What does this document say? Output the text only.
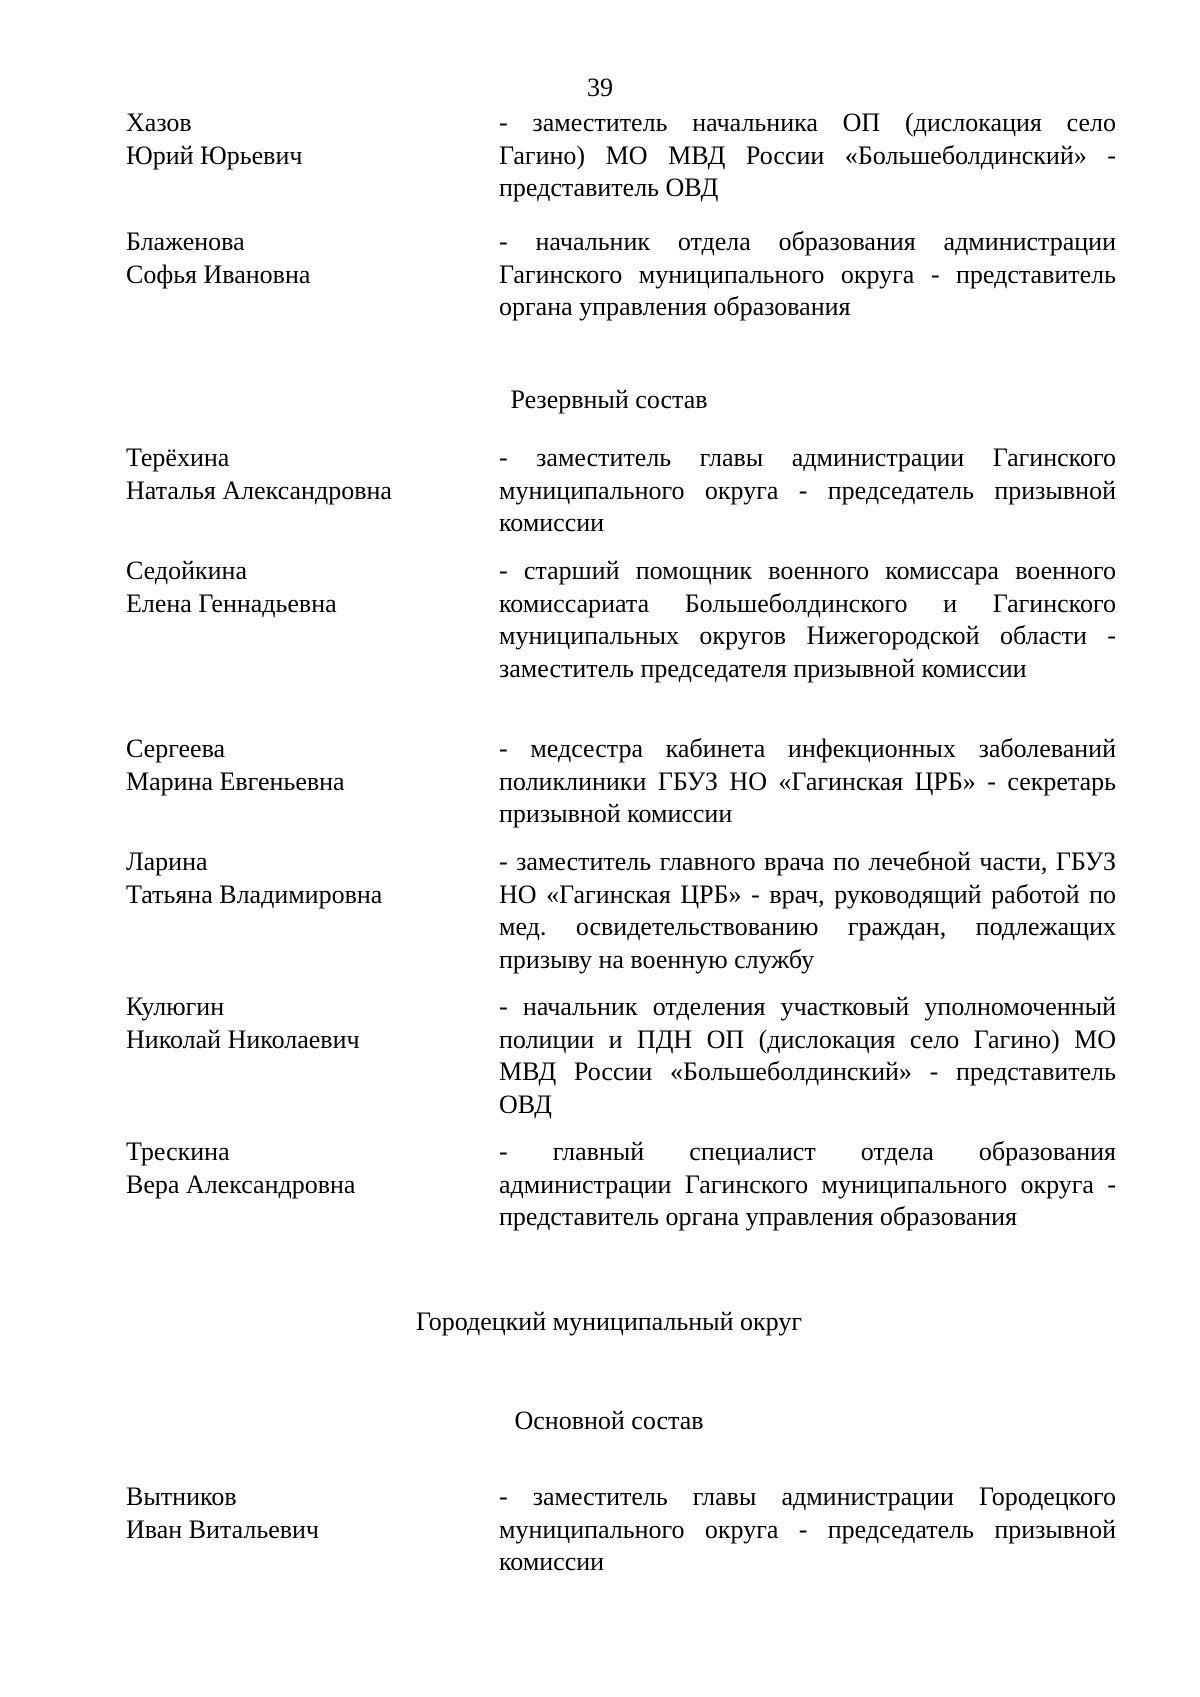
39
Хазов
Юрий Юрьевич
- заместитель начальника ОП (дислокация село Гагино) МО МВД России «Большеболдинский» - представитель ОВД
Блаженова
Софья Ивановна
- начальник отдела образования администрации Гагинского муниципального округа - представитель органа управления образования
Резервный состав
Терёхина
Наталья Александровна
- заместитель главы администрации Гагинского муниципального округа - председатель призывной комиссии
Седойкина
Елена Геннадьевна
- старший помощник военного комиссара военного комиссариата Большеболдинского и Гагинского муниципальных округов Нижегородской области - заместитель председателя призывной комиссии
Сергеева
Марина Евгеньевна
- медсестра кабинета инфекционных заболеваний поликлиники ГБУЗ НО «Гагинская ЦРБ» - секретарь призывной комиссии
Ларина
Татьяна Владимировна
- заместитель главного врача по лечебной части, ГБУЗ НО «Гагинская ЦРБ» - врач, руководящий работой по мед. освидетельствованию граждан, подлежащих призыву на военную службу
Кулюгин
Николай Николаевич
- начальник отделения участковый уполномоченный полиции и ПДН ОП (дислокация село Гагино) МО МВД России «Большеболдинский» - представитель ОВД
Трескина
Вера Александровна
- главный специалист отдела образования администрации Гагинского муниципального округа - представитель органа управления образования
Городецкий муниципальный округ
Основной состав
Вытников
Иван Витальевич
- заместитель главы администрации Городецкого муниципального округа - председатель призывной комиссии
